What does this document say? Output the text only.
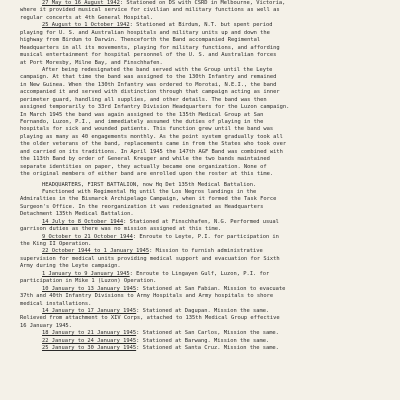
27 May to 16 August 1942: Stationed on DS with CSRD in Melbourne, Victoria,
where it provided musical service for civilian and military functions as well as
regular concerts at 4th General Hospital.
25 August to 1 October 1942: Stationed at Birdum, N.T. but spent period
playing for U. S. and Australian hospitals and military units up and down the
highway from Birdum to Darwin. Thenceforth the Band accompanied Regimental
Headquarters in all its movements, playing for military functions, and affording
musical entertainment for hospital personnel of the U. S. and Australian forces
at Port Moresby, Milne Bay, and Finschhafen.
After being redesignated the band served with the Group until the Leyte
campaign. At that time the band was assigned to the 130th Infantry and remained
in New Guinea. When the 130th Infantry was ordered to Morotai, N.E.I., the band
accompanied it and served with distinction through that campaign acting as inner
perimeter guard, handling all supplies, and other details. The band was then
assigned temporarily to 33rd Infantry Division Headquarters for the Luzon campaign.
In March 1945 the band was again assigned to the 135th Medical Group at San
Fernando, Luzon, P.I., and immediately assumed the duties of playing in the
hospitals for sick and wounded patients. This function grew until the band was
playing as many as 40 engagements monthly. As the point system gradually took all
the older veterans of the band, replacements came in from the States who took over
and carried on its traditions. In April 1945 the 147th AGF Band was combined with
the 113th Band by order of General Kreuger and while the two bands maintained
separate identities on paper, they actually became one organization. None of
the original members of either band are enrolled upon the roster at this time.
HEADQUARTERS, FIRST BATTALION, now Hq Det 135th Medical Battalion.
Functioned with Regimental Hq until the Los Negros landings in the
Admiralties in the Bismarck Archipelago Campaign, when it formed the Task Force
Surgeon's Office. In the reorganization it was redesignated as Headquarters
Detachment 135th Medical Battalion.
14 July to 8 October 1944: Stationed at Finschhafen, N.G. Performed usual
garrison duties as there was no mission assigned at this time.
9 October to 21 October 1944: Enroute to Leyte, P.I. for participation in
the King II Operation.
22 October 1944 to 1 January 1945: Mission to furnish administrative
supervision for medical units providing medical support and evacuation for Sixth
Army during the Leyte campaign.
1 January to 9 January 1945: Enroute to Lingayen Gulf, Luzon, P.I. for
participation in Mike 1 (Luzon) Operation.
10 January to 13 January 1945: Stationed at San Fabian. Mission to evacuate
37th and 40th Infantry Divisions to Army Hospitals and Army hospitals to shore
medical installations.
14 January to 17 January 1945: Stationed at Dagupan. Mission the same.
Relieved from attachment to XIV Corps, attached to 135th Medical Group effective
16 January 1945.
18 January to 21 January 1945: Stationed at San Carlos, Mission the same.
22 January to 24 January 1945: Stationed at Barwang. Mission the same.
25 January to 30 January 1945: Stationed at Santa Cruz. Mission the same.
